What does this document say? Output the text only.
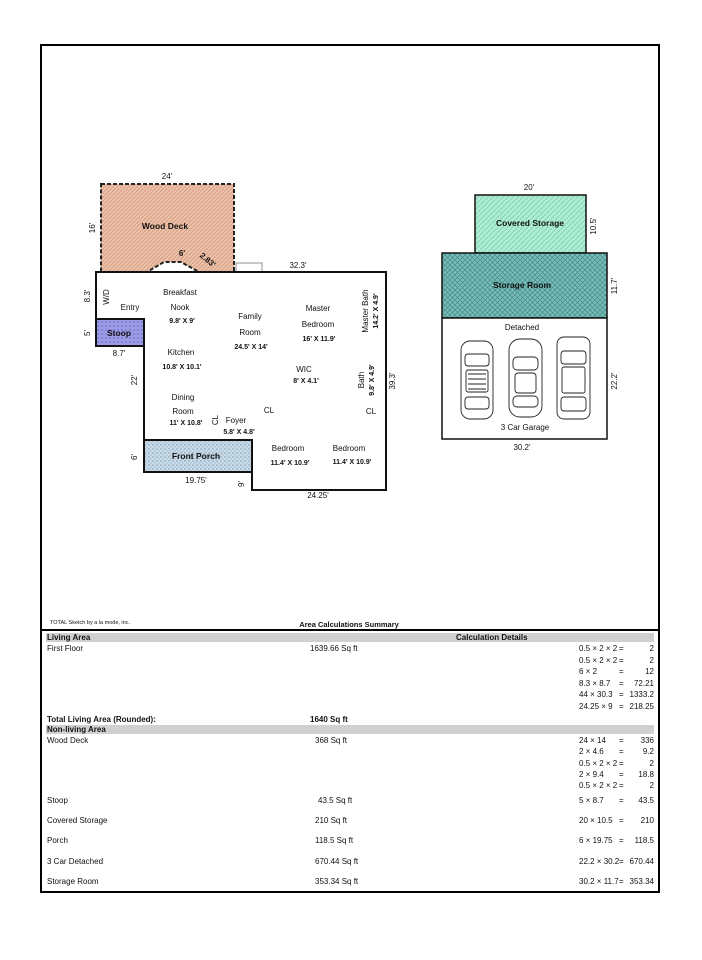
Wood Deck
24'
16'
6' 2.83'
Stoop
Front Porch
32.3'
8.3'
5'
8.7'
22'
6'
19.75'	9'
24.25'
39.3'
W/D
Entry
Breakfast
Nook
9.8' X 9'
Family
Room
24.5' X 14'
Master
Bedroom
16' X 11.9'
Master Bath 14.2' X 4.9'
Kitchen
10.8' X 10.1'	WIC
8' X 4.1'	Bath 9.8' X 4.9'
Dining
Room
11' X 10.8'	Foyer
5.8' X 4.8'
CL
CL	CL
Bedroom
11.4' X 10.9'
Bedroom
11.4' X 10.9'
Covered Storage
20'
10.5'
Storage Room	11.7'
Detached
3 Car Garage
22.2'
30.2'
TOTAL Sketch by a la mode, inc.	Area Calculations Summary
Living Area	Calculation Details
First Floor	1639.66 Sq ft	0.5 × 2 × 2 =	2
0.5 × 2 × 2 =	2
6 × 2	=	12
8.3 × 8.7 = 72.21
44 × 30.3 = 1333.2
24.25 × 9 = 218.25
Total Living Area (Rounded):	1640 Sq ft
Non-living Area
Wood Deck	368 Sq ft	24 × 14 = 336
2 × 4.6 = 9.2
0.5 × 2 × 2 =	2
2 × 9.4 = 18.8
0.5 × 2 × 2 =	2
Stoop	43.5 Sq ft	5 × 8.7 = 43.5
Covered Storage	210 Sq ft	20 × 10.5 = 210
Porch	118.5 Sq ft	6 × 19.75 = 118.5
3 Car Detached	670.44 Sq ft	22.2 × 30.2 = 670.44
Storage Room	353.34 Sq ft	30.2 × 11.7 = 353.34
